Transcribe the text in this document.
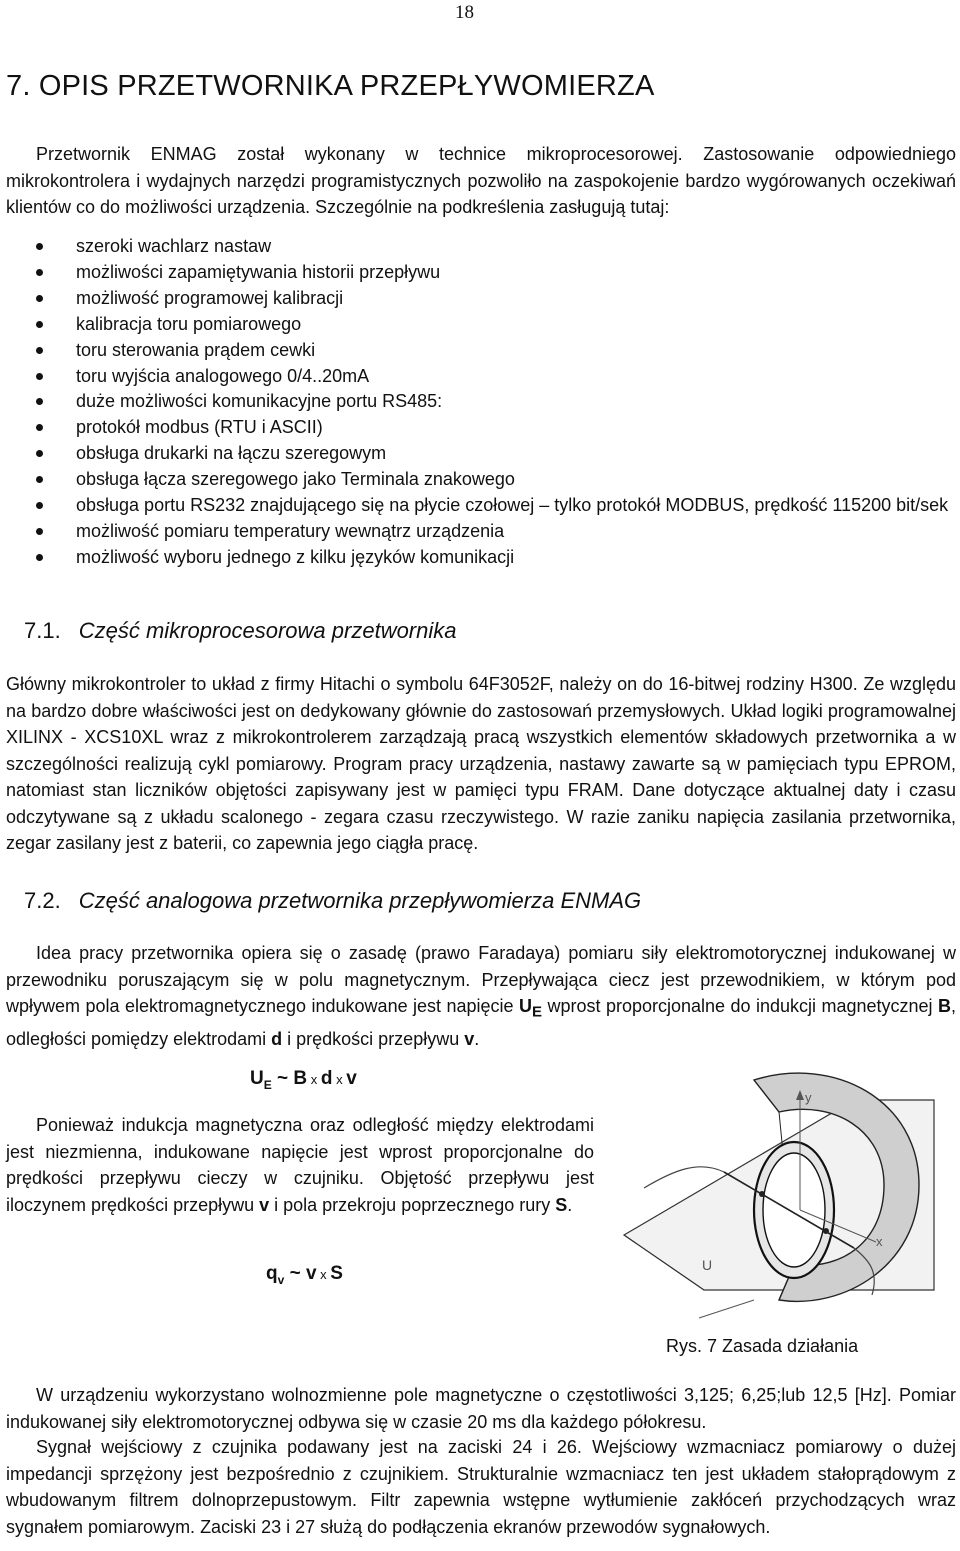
18
7. OPIS PRZETWORNIKA PRZEPŁYWOMIERZA

Przetwornik ENMAG został wykonany w technice mikroprocesorowej. Zastosowanie odpowiedniego mikrokontrolera i wydajnych narzędzi programistycznych pozwoliło na zaspokojenie bardzo wygórowanych oczekiwań klientów co do możliwości urządzenia. Szczególnie na podkreślenia zasługują tutaj:

szeroki wachlarz nastaw
możliwości zapamiętywania historii przepływu
możliwość programowej kalibracji
kalibracja toru pomiarowego
toru sterowania prądem cewki
toru wyjścia analogowego 0/4..20mA
duże możliwości komunikacyjne portu RS485:
protokół modbus (RTU i ASCII)
obsługa drukarki na łączu szeregowym
obsługa łącza szeregowego jako Terminala znakowego
obsługa portu RS232 znajdującego się na płycie czołowej – tylko protokół MODBUS, prędkość 115200 bit/sek
możliwość pomiaru temperatury wewnątrz urządzenia
możliwość wyboru jednego z kilku języków komunikacji
7.1. Część mikroprocesorowa przetwornika

Główny mikrokontroler to układ z firmy Hitachi o symbolu 64F3052F, należy on do 16-bitwej rodziny H300. Ze względu na bardzo dobre właściwości jest on dedykowany głównie do zastosowań przemysłowych. Układ logiki programowalnej XILINX - XCS10XL wraz z mikrokontrolerem zarządzają pracą wszystkich elementów składowych przetwornika a w szczególności realizują cykl pomiarowy. Program pracy urządzenia, nastawy zawarte są w pamięciach typu EPROM, natomiast stan liczników objętości zapisywany jest w pamięci typu FRAM. Dane dotyczące aktualnej daty i czasu odczytywane są z układu scalonego - zegara czasu rzeczywistego. W razie zaniku napięcia zasilania przetwornika, zegar zasilany jest z baterii, co zapewnia jego ciągła pracę.

7.2. Część analogowa przetwornika przepływomierza ENMAG

Idea pracy przetwornika opiera się o zasadę (prawo Faradaya) pomiaru siły elektromotorycznej indukowanej w przewodniku poruszającym się w polu magnetycznym. Przepływająca ciecz jest przewodnikiem, w którym pod wpływem pola elektromagnetycznego indukowane jest napięcie $U_E$ wprost proporcjonalne do indukcji magnetycznej B, odległości pomiędzy elektrodami d i prędkości przepływu v.

$U_E$ ~ B x d x v

Ponieważ indukcja magnetyczna oraz odległość między elektrodami jest niezmienna, indukowane napięcie jest wprost proporcjonalne do prędkości przepływu cieczy w czujniku. Objętość przepływu jest iloczynem prędkości przepływu v i pola przekroju poprzecznego rury S.

$q_v$ ~ v x S
y
x
U
Rys. 7 Zasada działania

W urządzeniu wykorzystano wolnozmienne pole magnetyczne o częstotliwości 3,125; 6,25;lub 12,5 [Hz]. Pomiar indukowanej siły elektromotorycznej odbywa się w czasie 20 ms dla każdego półokresu.

Sygnał wejściowy z czujnika podawany jest na zaciski 24 i 26. Wejściowy wzmacniacz pomiarowy o dużej impedancji sprzężony jest bezpośrednio z czujnikiem. Strukturalnie wzmacniacz ten jest układem stałoprądowym z wbudowanym filtrem dolnoprzepustowym. Filtr zapewnia wstępne wytłumienie zakłóceń przychodzących wraz sygnałem pomiarowym. Zaciski 23 i 27 służą do podłączenia ekranów przewodów sygnałowych.
